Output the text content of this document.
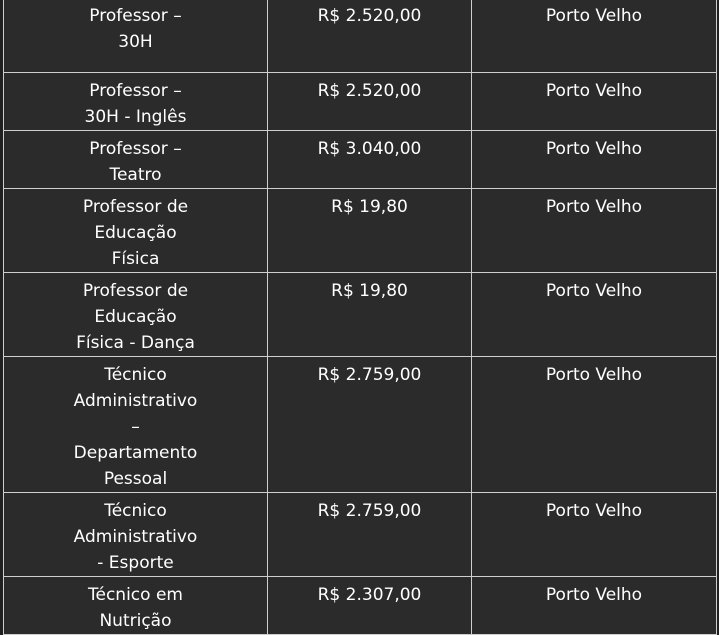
Professor –
30H	R$ 2.520,00	Porto Velho

Professor –
30H - Inglês	R$ 2.520,00	Porto Velho

Professor –
Teatro	R$ 3.040,00	Porto Velho

Professor de
Educação
Física	R$ 19,80	Porto Velho

Professor de
Educação
Física - Dança	R$ 19,80	Porto Velho

Técnico
Administrativo
–
Departamento
Pessoal	R$ 2.759,00	Porto Velho

Técnico
Administrativo
- Esporte	R$ 2.759,00	Porto Velho

Técnico em
Nutrição	R$ 2.307,00	Porto Velho
